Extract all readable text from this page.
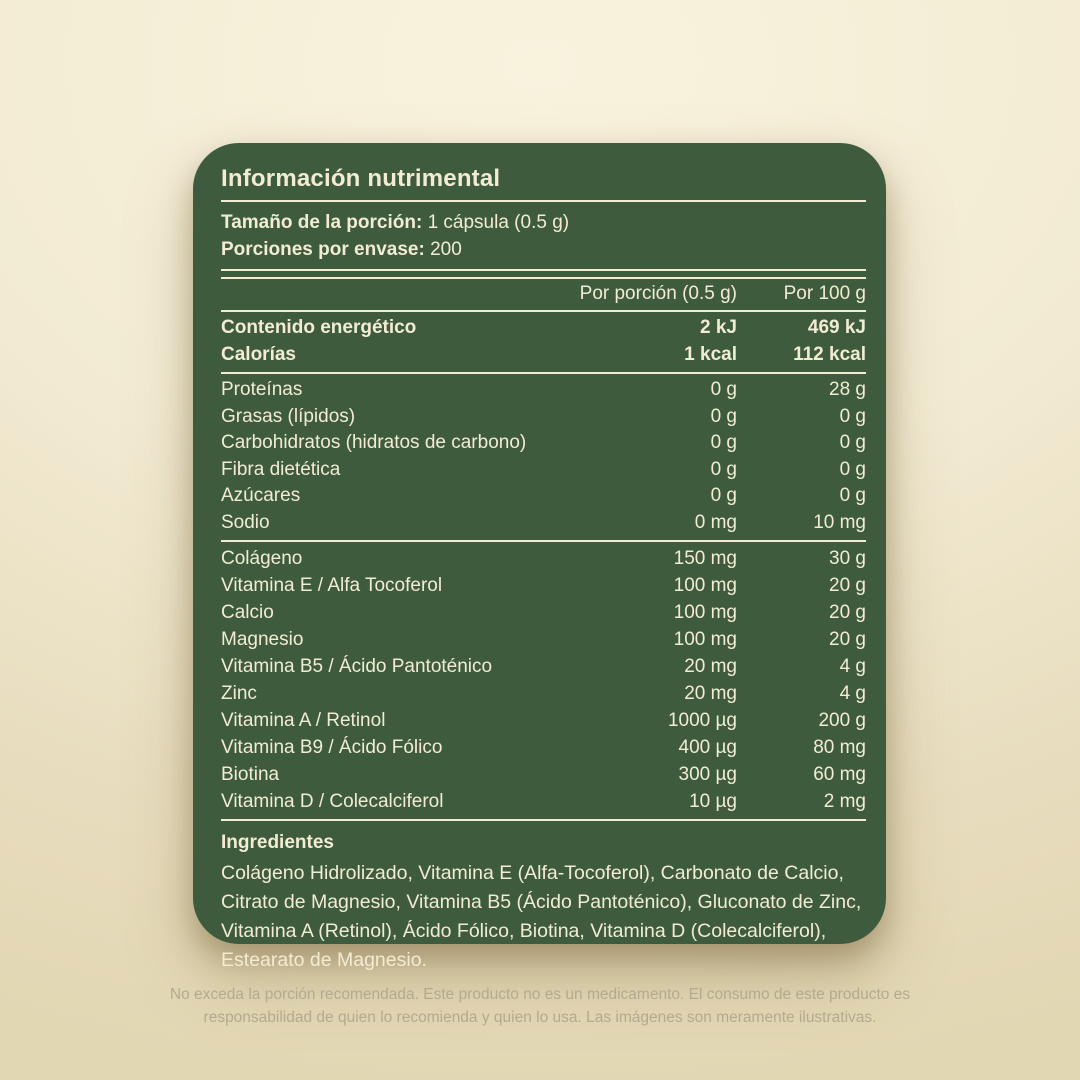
Información nutrimental
Tamaño de la porción: 1 cápsula (0.5 g)
Porciones por envase: 200
Por porción (0.5 g)	Por 100 g
Contenido energético	2 kJ	469 kJ
Calorías	1 kcal	112 kcal
Proteínas	0 g	28 g
Grasas (lípidos)	0 g	0 g
Carbohidratos (hidratos de carbono)	0 g	0 g
Fibra dietética	0 g	0 g
Azúcares	0 g	0 g
Sodio	0 mg	10 mg
Colágeno	150 mg	30 g
Vitamina E / Alfa Tocoferol	100 mg	20 g
Calcio	100 mg	20 g
Magnesio	100 mg	20 g
Vitamina B5 / Ácido Pantoténico	20 mg	4 g
Zinc	20 mg	4 g
Vitamina A / Retinol	1000 µg	200 g
Vitamina B9 / Ácido Fólico	400 µg	80 mg
Biotina	300 µg	60 mg
Vitamina D / Colecalciferol	10 µg	2 mg
Ingredientes
Colágeno Hidrolizado, Vitamina E (Alfa-Tocoferol), Carbonato de Calcio, Citrato de Magnesio, Vitamina B5 (Ácido Pantoténico), Gluconato de Zinc, Vitamina A (Retinol), Ácido Fólico, Biotina, Vitamina D (Colecalciferol), Estearato de Magnesio.
No exceda la porción recomendada. Este producto no es un medicamento. El consumo de este producto es responsabilidad de quien lo recomienda y quien lo usa. Las imágenes son meramente ilustrativas.
